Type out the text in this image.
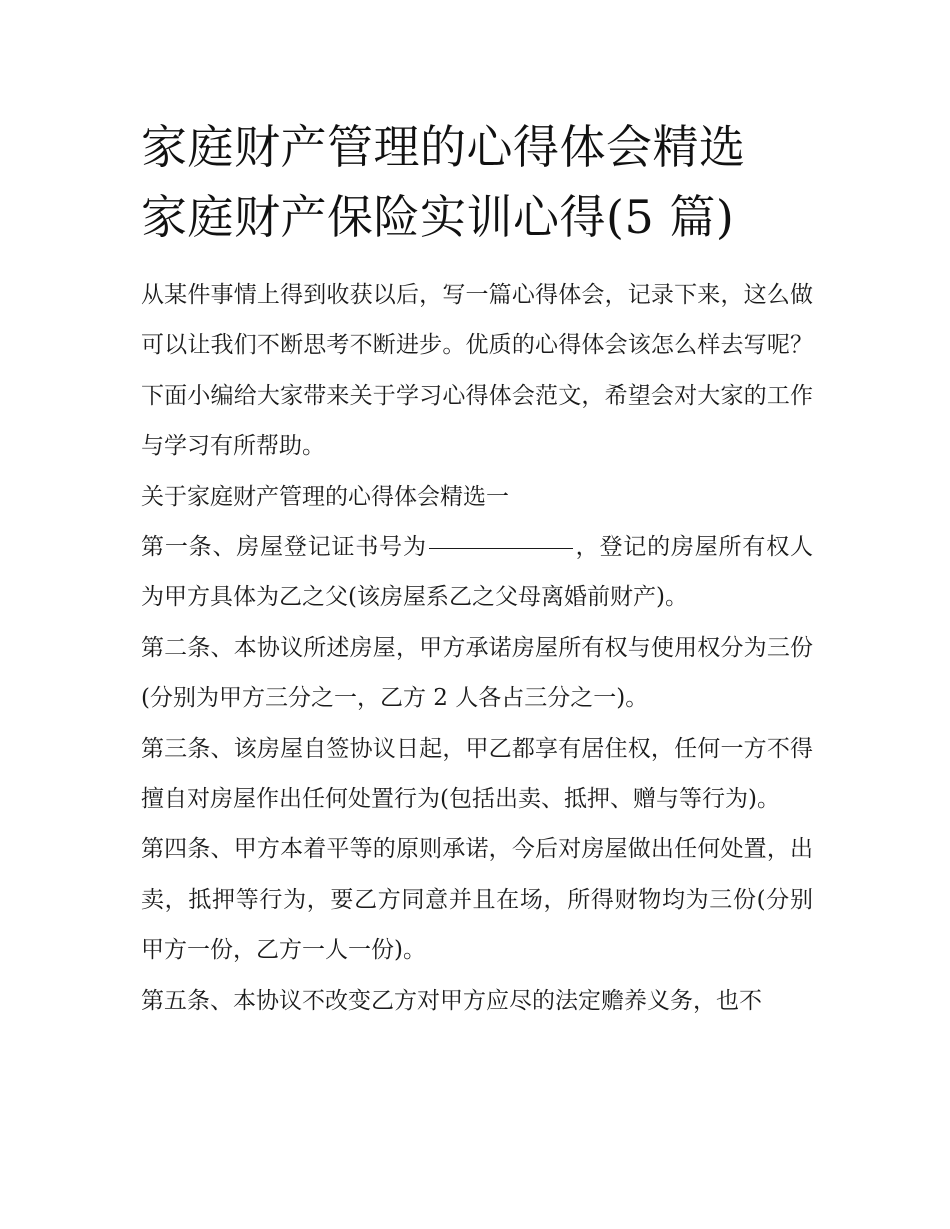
家庭财产管理的心得体会精选
家庭财产保险实训心得(5 篇)

从某件事情上得到收获以后，写一篇心得体会，记录下来，这么做可以让我们不断思考不断进步。优质的心得体会该怎么样去写呢？下面小编给大家带来关于学习心得体会范文，希望会对大家的工作与学习有所帮助。

关于家庭财产管理的心得体会精选一

第一条、房屋登记证书号为	，登记的房屋所有权人为甲方具体为乙之父(该房屋系乙之父母离婚前财产)。

第二条、本协议所述房屋，甲方承诺房屋所有权与使用权分为三份(分别为甲方三分之一，乙方 2 人各占三分之一)。

第三条、该房屋自签协议日起，甲乙都享有居住权，任何一方不得擅自对房屋作出任何处置行为(包括出卖、抵押、赠与等行为)。

第四条、甲方本着平等的原则承诺，今后对房屋做出任何处置，出卖，抵押等行为，要乙方同意并且在场，所得财物均为三份(分别甲方一份，乙方一人一份)。

第五条、本协议不改变乙方对甲方应尽的法定赡养义务，也不
